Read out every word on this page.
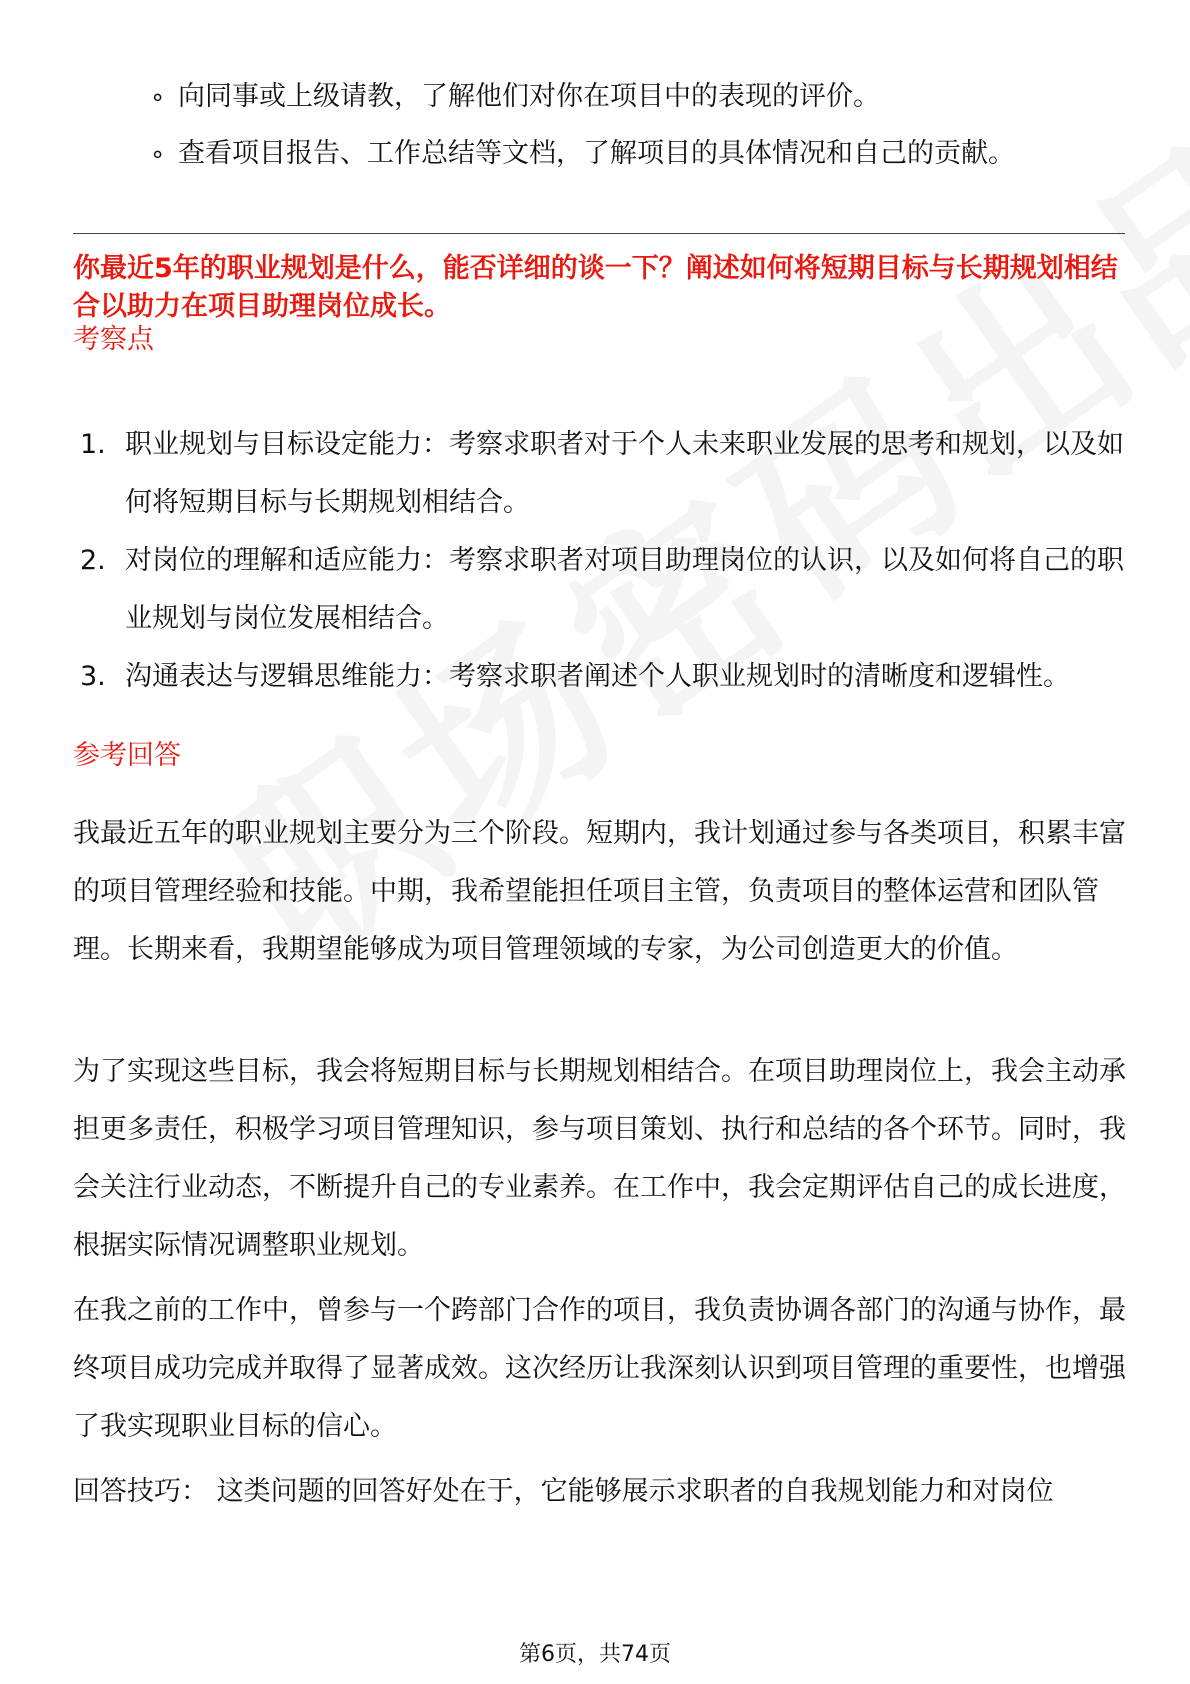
∘ 向同事或上级请教，了解他们对你在项目中的表现的评价。
∘ 查看项目报告、工作总结等文档，了解项目的具体情况和自己的贡献。
你最近5年的职业规划是什么，能否详细的谈一下？阐述如何将短期目标与长期规划相结合以助力在项目助理岗位成长。
考察点
1. 职业规划与目标设定能力：考察求职者对于个人未来职业发展的思考和规划，以及如何将短期目标与长期规划相结合。
2. 对岗位的理解和适应能力：考察求职者对项目助理岗位的认识，以及如何将自己的职业规划与岗位发展相结合。
3. 沟通表达与逻辑思维能力：考察求职者阐述个人职业规划时的清晰度和逻辑性。
参考回答
我最近五年的职业规划主要分为三个阶段。短期内，我计划通过参与各类项目，积累丰富的项目管理经验和技能。中期，我希望能担任项目主管，负责项目的整体运营和团队管理。长期来看，我期望能够成为项目管理领域的专家，为公司创造更大的价值。
为了实现这些目标，我会将短期目标与长期规划相结合。在项目助理岗位上，我会主动承担更多责任，积极学习项目管理知识，参与项目策划、执行和总结的各个环节。同时，我会关注行业动态，不断提升自己的专业素养。在工作中，我会定期评估自己的成长进度，根据实际情况调整职业规划。
在我之前的工作中，曾参与一个跨部门合作的项目，我负责协调各部门的沟通与协作，最终项目成功完成并取得了显著成效。这次经历让我深刻认识到项目管理的重要性，也增强了我实现职业目标的信心。
回答技巧： 这类问题的回答好处在于，它能够展示求职者的自我规划能力和对岗位
第6页，共74页
